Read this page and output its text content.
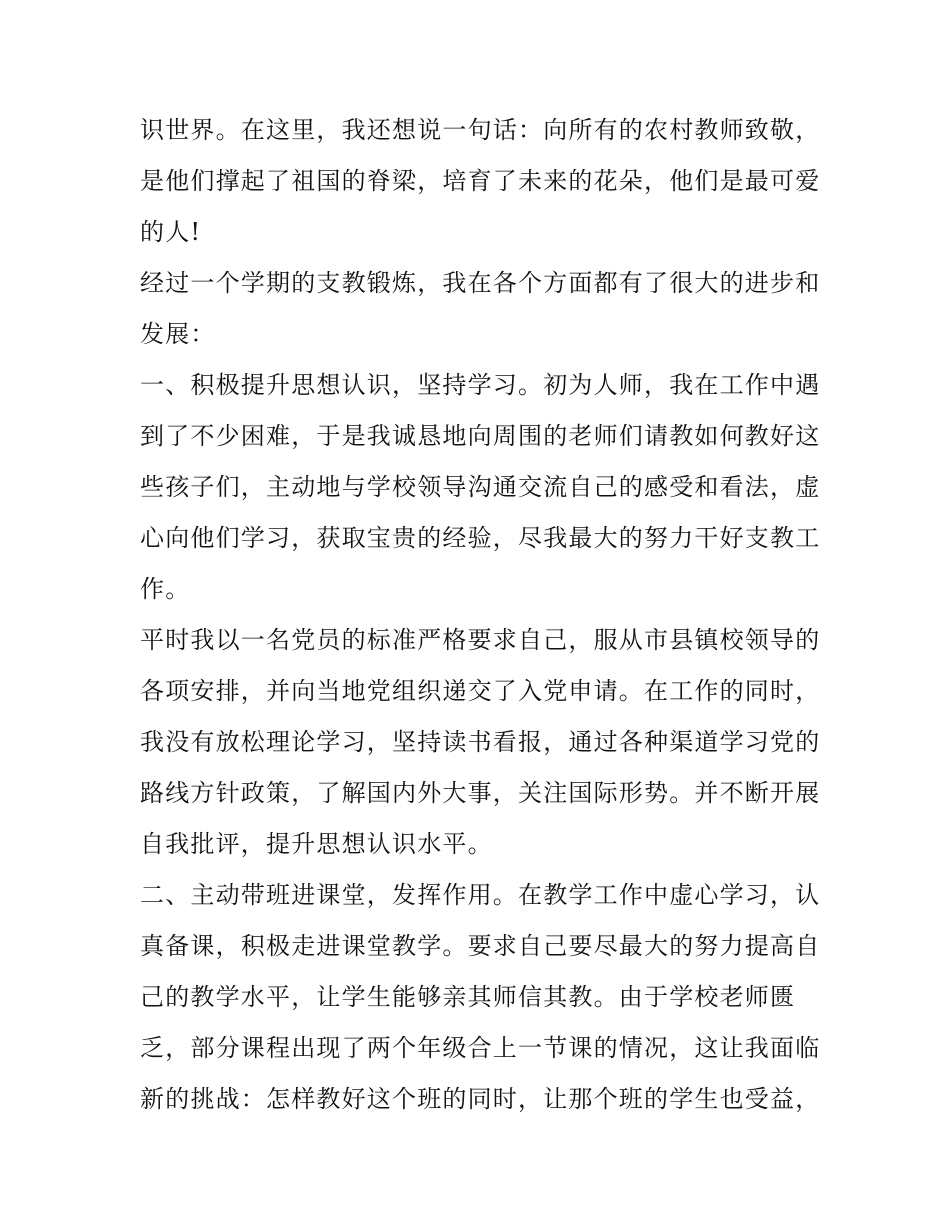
识世界。在这里，我还想说一句话：向所有的农村教师致敬，
是他们撑起了祖国的脊梁，培育了未来的花朵，他们是最可爱
的人!
经过一个学期的支教锻炼，我在各个方面都有了很大的进步和
发展：
一、积极提升思想认识，坚持学习。初为人师，我在工作中遇
到了不少困难，于是我诚恳地向周围的老师们请教如何教好这
些孩子们，主动地与学校领导沟通交流自己的感受和看法，虚
心向他们学习，获取宝贵的经验，尽我最大的努力干好支教工
作。
平时我以一名党员的标准严格要求自己，服从市县镇校领导的
各项安排，并向当地党组织递交了入党申请。在工作的同时，
我没有放松理论学习，坚持读书看报，通过各种渠道学习党的
路线方针政策，了解国内外大事，关注国际形势。并不断开展
自我批评，提升思想认识水平。
二、主动带班进课堂，发挥作用。在教学工作中虚心学习，认
真备课，积极走进课堂教学。要求自己要尽最大的努力提高自
己的教学水平，让学生能够亲其师信其教。由于学校老师匮
乏，部分课程出现了两个年级合上一节课的情况，这让我面临
新的挑战：怎样教好这个班的同时，让那个班的学生也受益，
